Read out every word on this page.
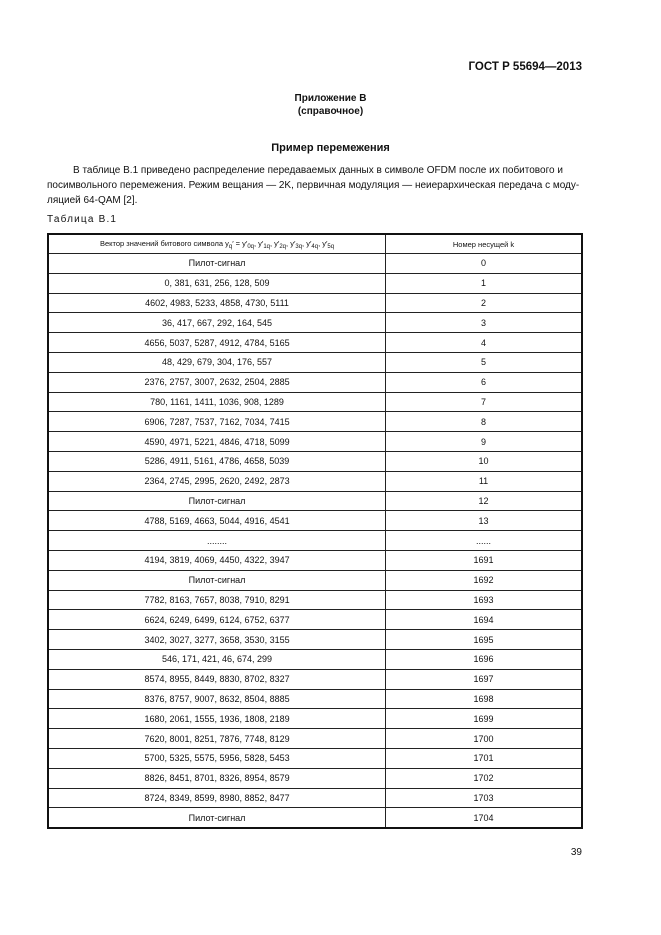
ГОСТ Р 55694—2013
Приложение В
(справочное)
Пример перемежения
В таблице В.1 приведено распределение передаваемых данных в символе OFDM после их побитового и
посимвольного перемежения. Режим вещания — 2K, первичная модуляция — неиерархическая передача с моду-
ляцией 64-QAM [2].
Таблица В.1
Вектор значений битового символа $y_q' = y'_{0q}$, $y'_{1q}$, $y'_{2q}$, $y'_{3q}$, $y'_{4q}$, $y'_{5q}$	Номер несущей k
Пилот-сигнал	0
0, 381, 631, 256, 128, 509	1
4602, 4983, 5233, 4858, 4730, 5111	2
36, 417, 667, 292, 164, 545	3
4656, 5037, 5287, 4912, 4784, 5165	4
48, 429, 679, 304, 176, 557	5
2376, 2757, 3007, 2632, 2504, 2885	6
780, 1161, 1411, 1036, 908, 1289	7
6906, 7287, 7537, 7162, 7034, 7415	8
4590, 4971, 5221, 4846, 4718, 5099	9
5286, 4911, 5161, 4786, 4658, 5039	10
2364, 2745, 2995, 2620, 2492, 2873	11
Пилот-сигнал	12
4788, 5169, 4663, 5044, 4916, 4541	13
........	......
4194, 3819, 4069, 4450, 4322, 3947	1691
Пилот-сигнал	1692
7782, 8163, 7657, 8038, 7910, 8291	1693
6624, 6249, 6499, 6124, 6752, 6377	1694
3402, 3027, 3277, 3658, 3530, 3155	1695
546, 171, 421, 46, 674, 299	1696
8574, 8955, 8449, 8830, 8702, 8327	1697
8376, 8757, 9007, 8632, 8504, 8885	1698
1680, 2061, 1555, 1936, 1808, 2189	1699
7620, 8001, 8251, 7876, 7748, 8129	1700
5700, 5325, 5575, 5956, 5828, 5453	1701
8826, 8451, 8701, 8326, 8954, 8579	1702
8724, 8349, 8599, 8980, 8852, 8477	1703
Пилот-сигнал	1704
39
